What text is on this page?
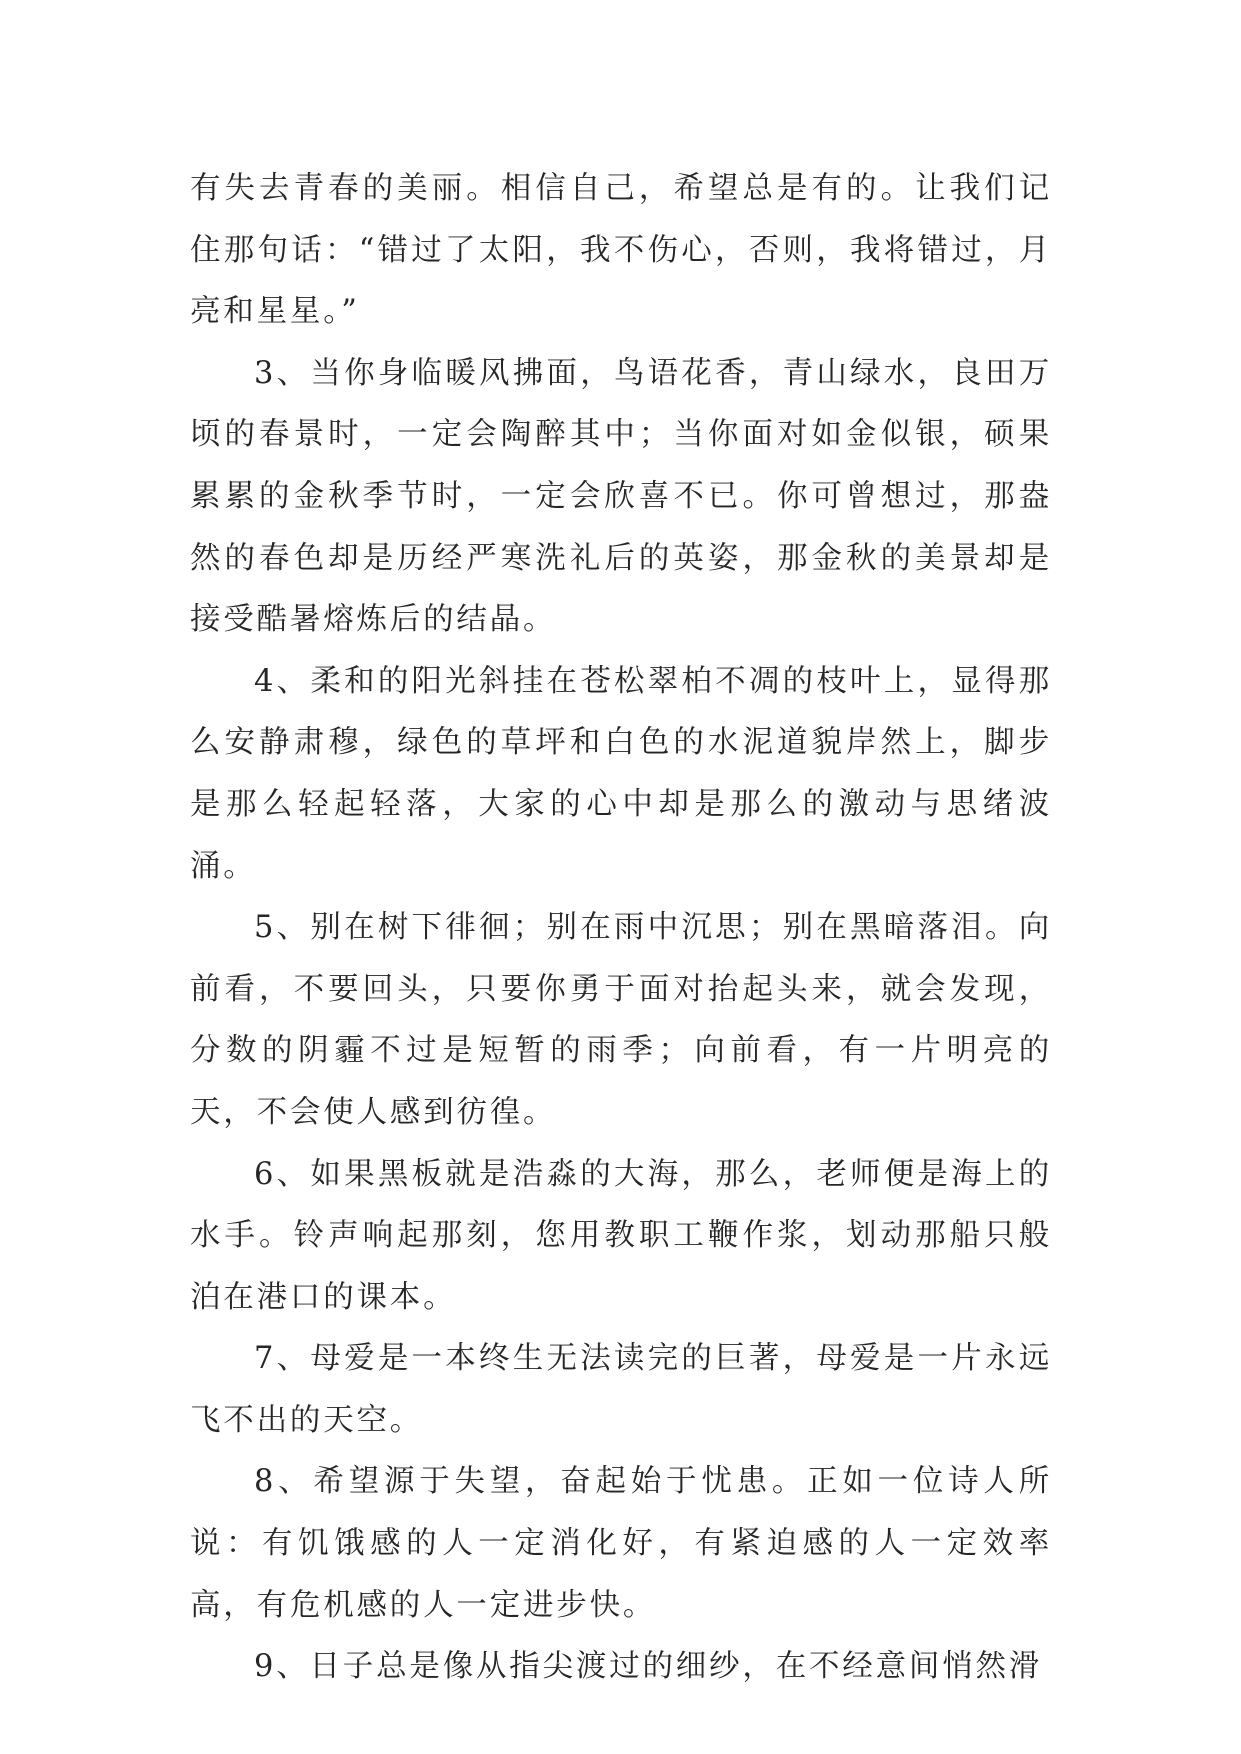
有失去青春的美丽。相信自己，希望总是有的。让我们记住那句话：“错过了太阳，我不伤心，否则，我将错过，月亮和星星。”

3、当你身临暖风拂面，鸟语花香，青山绿水，良田万顷的春景时，一定会陶醉其中；当你面对如金似银，硕果累累的金秋季节时，一定会欣喜不已。你可曾想过，那盎然的春色却是历经严寒洗礼后的英姿，那金秋的美景却是接受酷暑熔炼后的结晶。

4、柔和的阳光斜挂在苍松翠柏不凋的枝叶上，显得那么安静肃穆，绿色的草坪和白色的水泥道貌岸然上，脚步是那么轻起轻落，大家的心中却是那么的激动与思绪波涌。

5、别在树下徘徊；别在雨中沉思；别在黑暗落泪。向前看，不要回头，只要你勇于面对抬起头来，就会发现，分数的阴霾不过是短暂的雨季；向前看，有一片明亮的天，不会使人感到彷徨。

6、如果黑板就是浩淼的大海，那么，老师便是海上的水手。铃声响起那刻，您用教职工鞭作浆，划动那船只般泊在港口的课本。

7、母爱是一本终生无法读完的巨著，母爱是一片永远飞不出的天空。

8、希望源于失望，奋起始于忧患。正如一位诗人所说：有饥饿感的人一定消化好，有紧迫感的人一定效率高，有危机感的人一定进步快。

9、日子总是像从指尖渡过的细纱，在不经意间悄然滑
